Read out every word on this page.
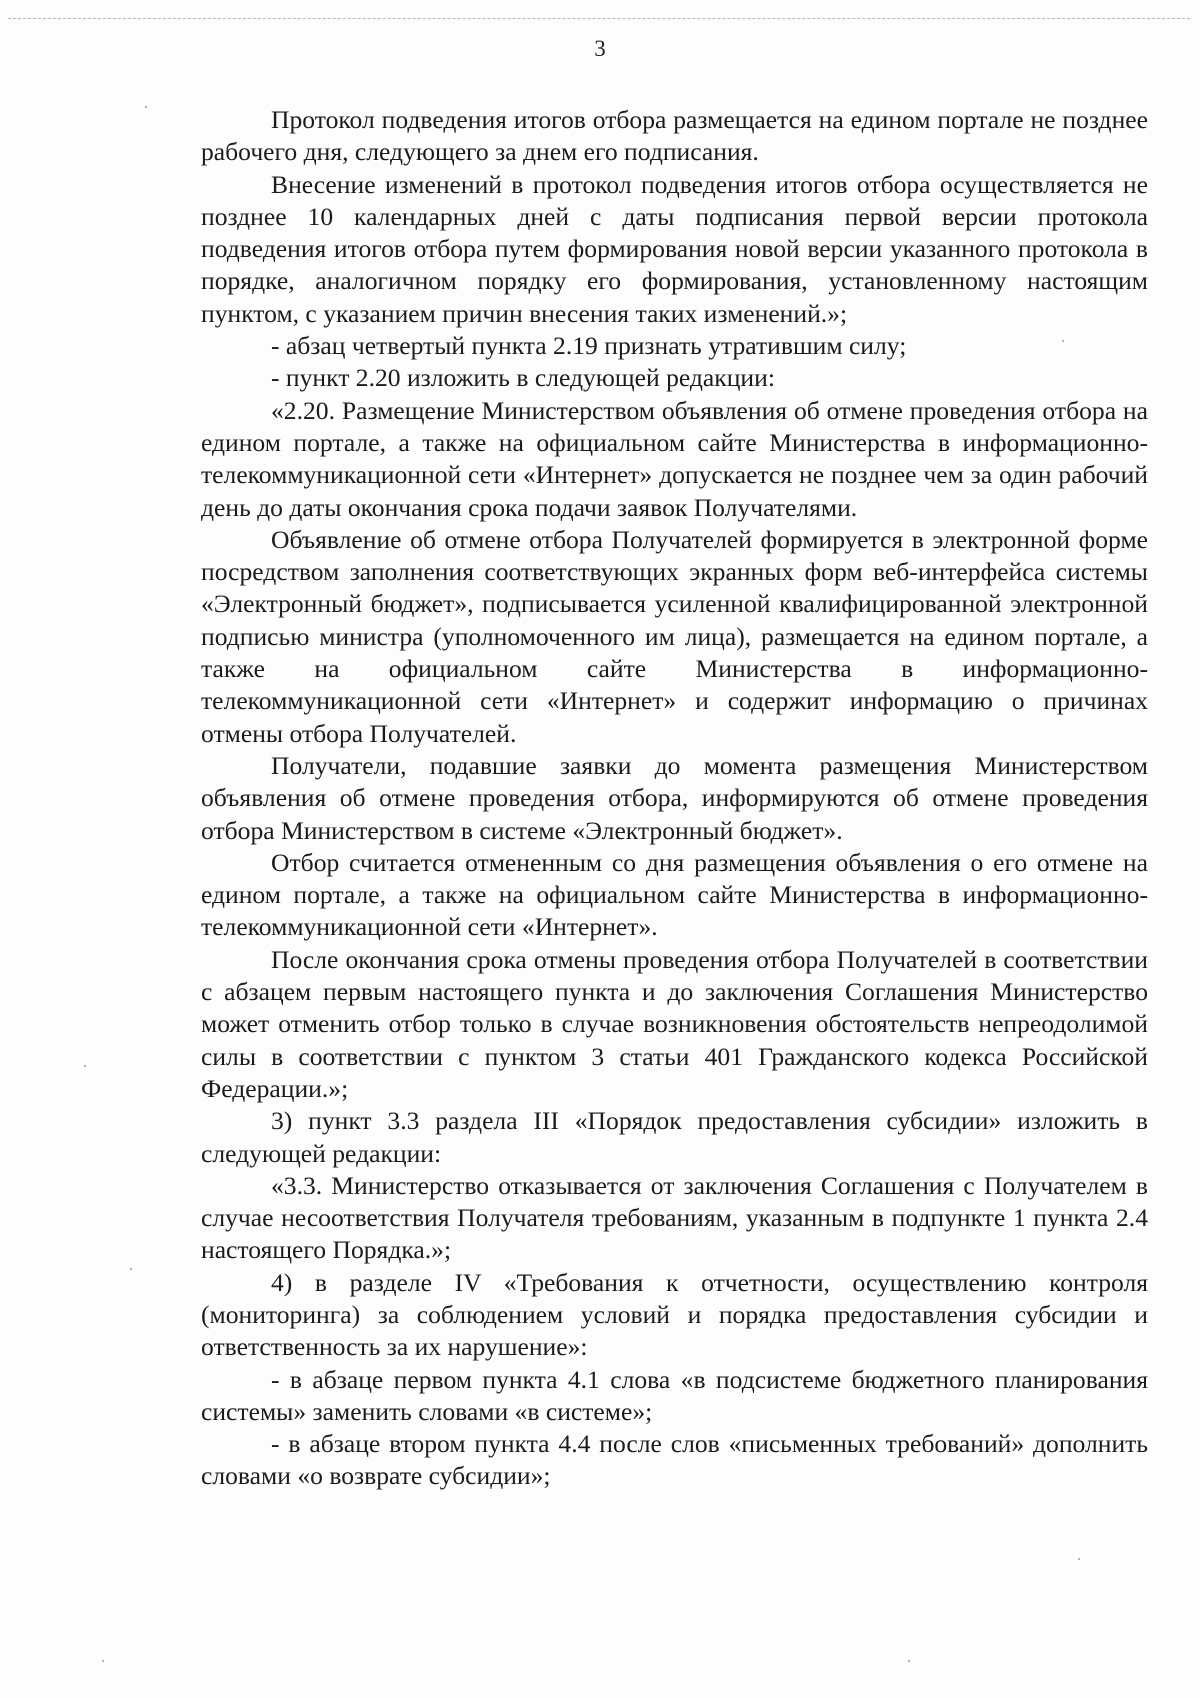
3

Протокол подведения итогов отбора размещается на едином портале не позднее рабочего дня, следующего за днем его подписания.

Внесение изменений в протокол подведения итогов отбора осуществляется не позднее 10 календарных дней с даты подписания первой версии протокола подведения итогов отбора путем формирования новой версии указанного протокола в порядке, аналогичном порядку его формирования, установленному настоящим пунктом, с указанием причин внесения таких изменений.»;

- абзац четвертый пункта 2.19 признать утратившим силу;

- пункт 2.20 изложить в следующей редакции:

«2.20. Размещение Министерством объявления об отмене проведения отбора на едином портале, а также на официальном сайте Министерства в информационно-телекоммуникационной сети «Интернет» допускается не позднее чем за один рабочий день до даты окончания срока подачи заявок Получателями.

Объявление об отмене отбора Получателей формируется в электронной форме посредством заполнения соответствующих экранных форм веб-интерфейса системы «Электронный бюджет», подписывается усиленной квалифицированной электронной подписью министра (уполномоченного им лица), размещается на едином портале, а также на официальном сайте Министерства в информационно-телекоммуникационной сети «Интернет» и содержит информацию о причинах отмены отбора Получателей.

Получатели, подавшие заявки до момента размещения Министерством объявления об отмене проведения отбора, информируются об отмене проведения отбора Министерством в системе «Электронный бюджет».

Отбор считается отмененным со дня размещения объявления о его отмене на едином портале, а также на официальном сайте Министерства в информационно-телекоммуникационной сети «Интернет».

После окончания срока отмены проведения отбора Получателей в соответствии с абзацем первым настоящего пункта и до заключения Соглашения Министерство может отменить отбор только в случае возникновения обстоятельств непреодолимой силы в соответствии с пунктом 3 статьи 401 Гражданского кодекса Российской Федерации.»;

3) пункт 3.3 раздела III «Порядок предоставления субсидии» изложить в следующей редакции:

«3.3. Министерство отказывается от заключения Соглашения с Получателем в случае несоответствия Получателя требованиям, указанным в подпункте 1 пункта 2.4 настоящего Порядка.»;

4) в разделе IV «Требования к отчетности, осуществлению контроля (мониторинга) за соблюдением условий и порядка предоставления субсидии и ответственность за их нарушение»:

- в абзаце первом пункта 4.1 слова «в подсистеме бюджетного планирования системы» заменить словами «в системе»;

- в абзаце втором пункта 4.4 после слов «письменных требований» дополнить словами «о возврате субсидии»;
